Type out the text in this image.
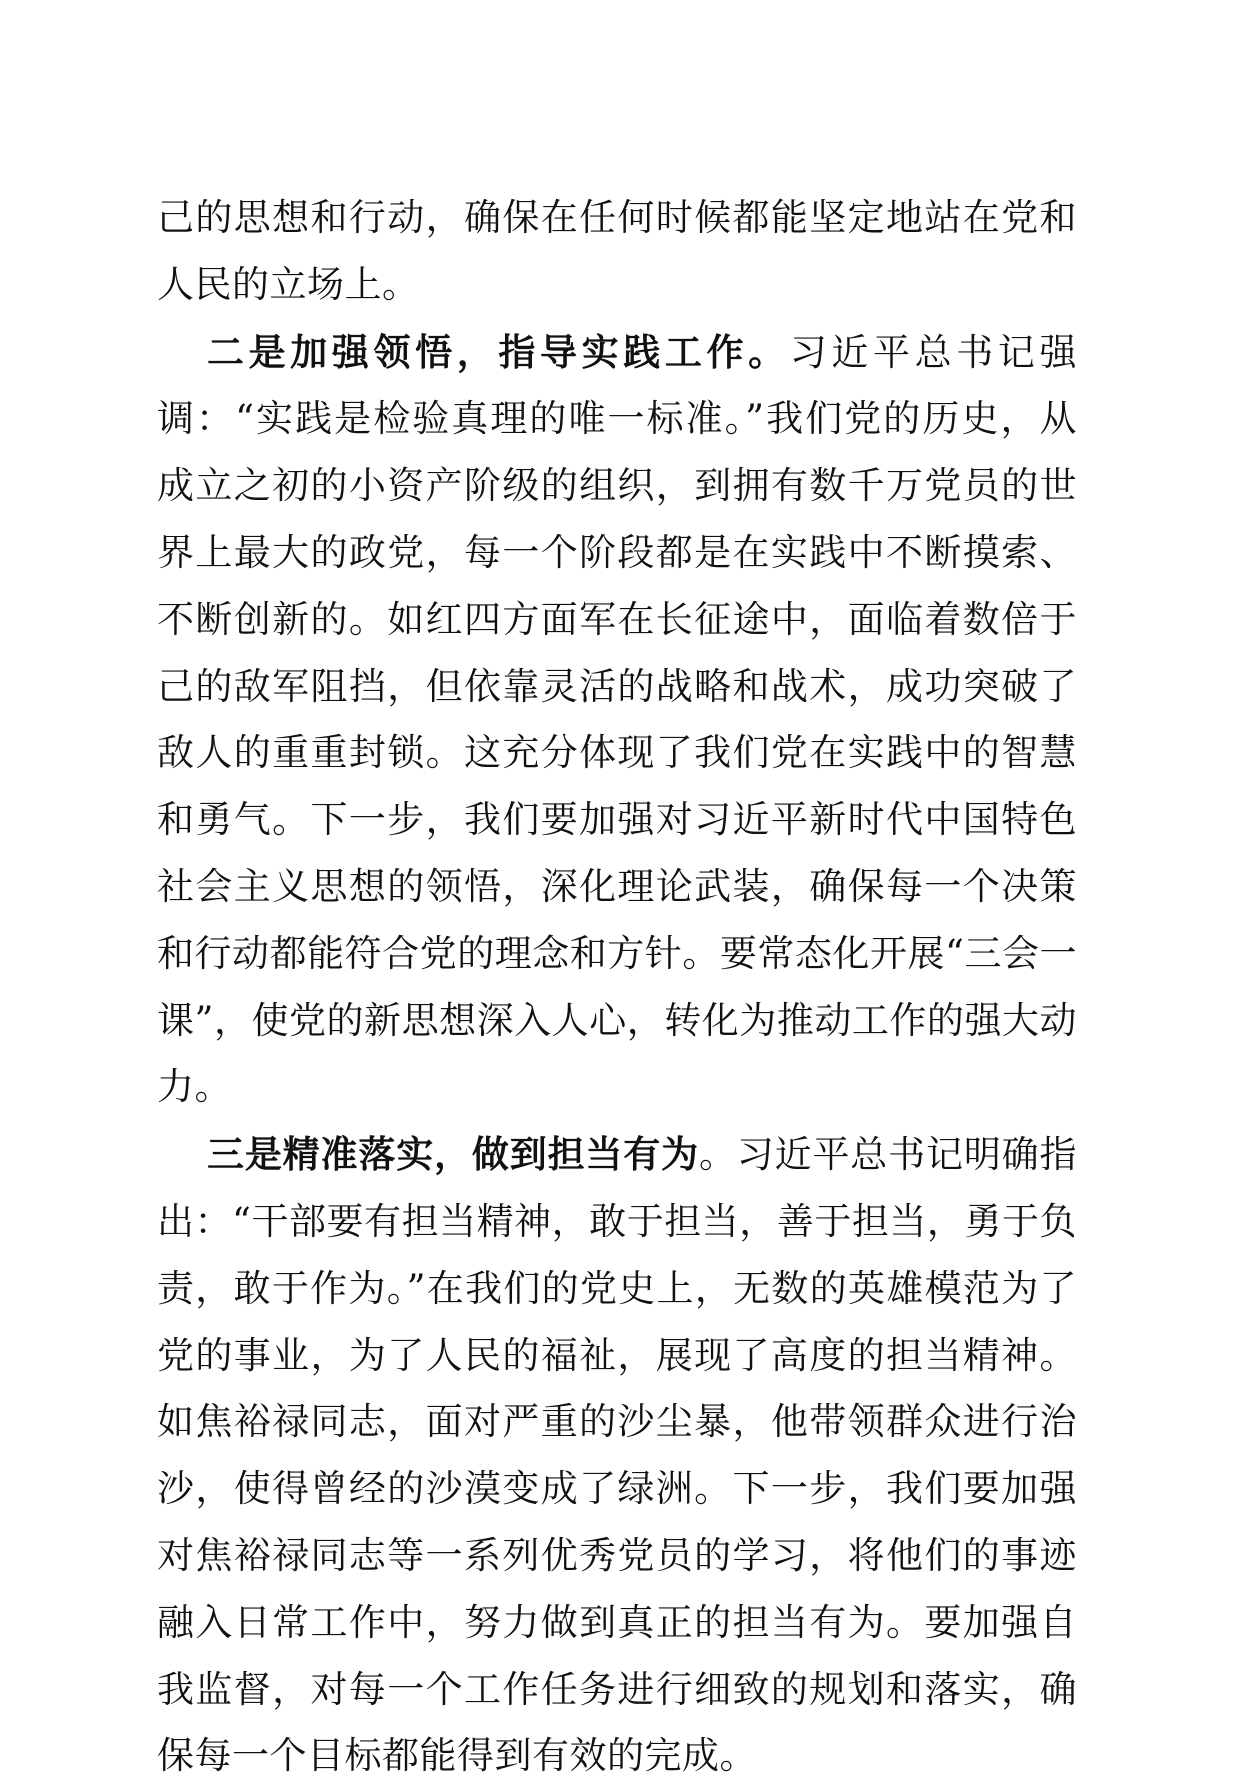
己的思想和行动，确保在任何时候都能坚定地站在党和人民的立场上。

二是加强领悟，指导实践工作。习近平总书记强调：“实践是检验真理的唯一标准。”我们党的历史，从成立之初的小资产阶级的组织，到拥有数千万党员的世界上最大的政党，每一个阶段都是在实践中不断摸索、不断创新的。如红四方面军在长征途中，面临着数倍于己的敌军阻挡，但依靠灵活的战略和战术，成功突破了敌人的重重封锁。这充分体现了我们党在实践中的智慧和勇气。下一步，我们要加强对习近平新时代中国特色社会主义思想的领悟，深化理论武装，确保每一个决策和行动都能符合党的理念和方针。要常态化开展“三会一课”，使党的新思想深入人心，转化为推动工作的强大动力。

三是精准落实，做到担当有为。习近平总书记明确指出：“干部要有担当精神，敢于担当，善于担当，勇于负责，敢于作为。”在我们的党史上，无数的英雄模范为了党的事业，为了人民的福祉，展现了高度的担当精神。如焦裕禄同志，面对严重的沙尘暴，他带领群众进行治沙，使得曾经的沙漠变成了绿洲。下一步，我们要加强对焦裕禄同志等一系列优秀党员的学习，将他们的事迹融入日常工作中，努力做到真正的担当有为。要加强自我监督，对每一个工作任务进行细致的规划和落实，确保每一个目标都能得到有效的完成。
